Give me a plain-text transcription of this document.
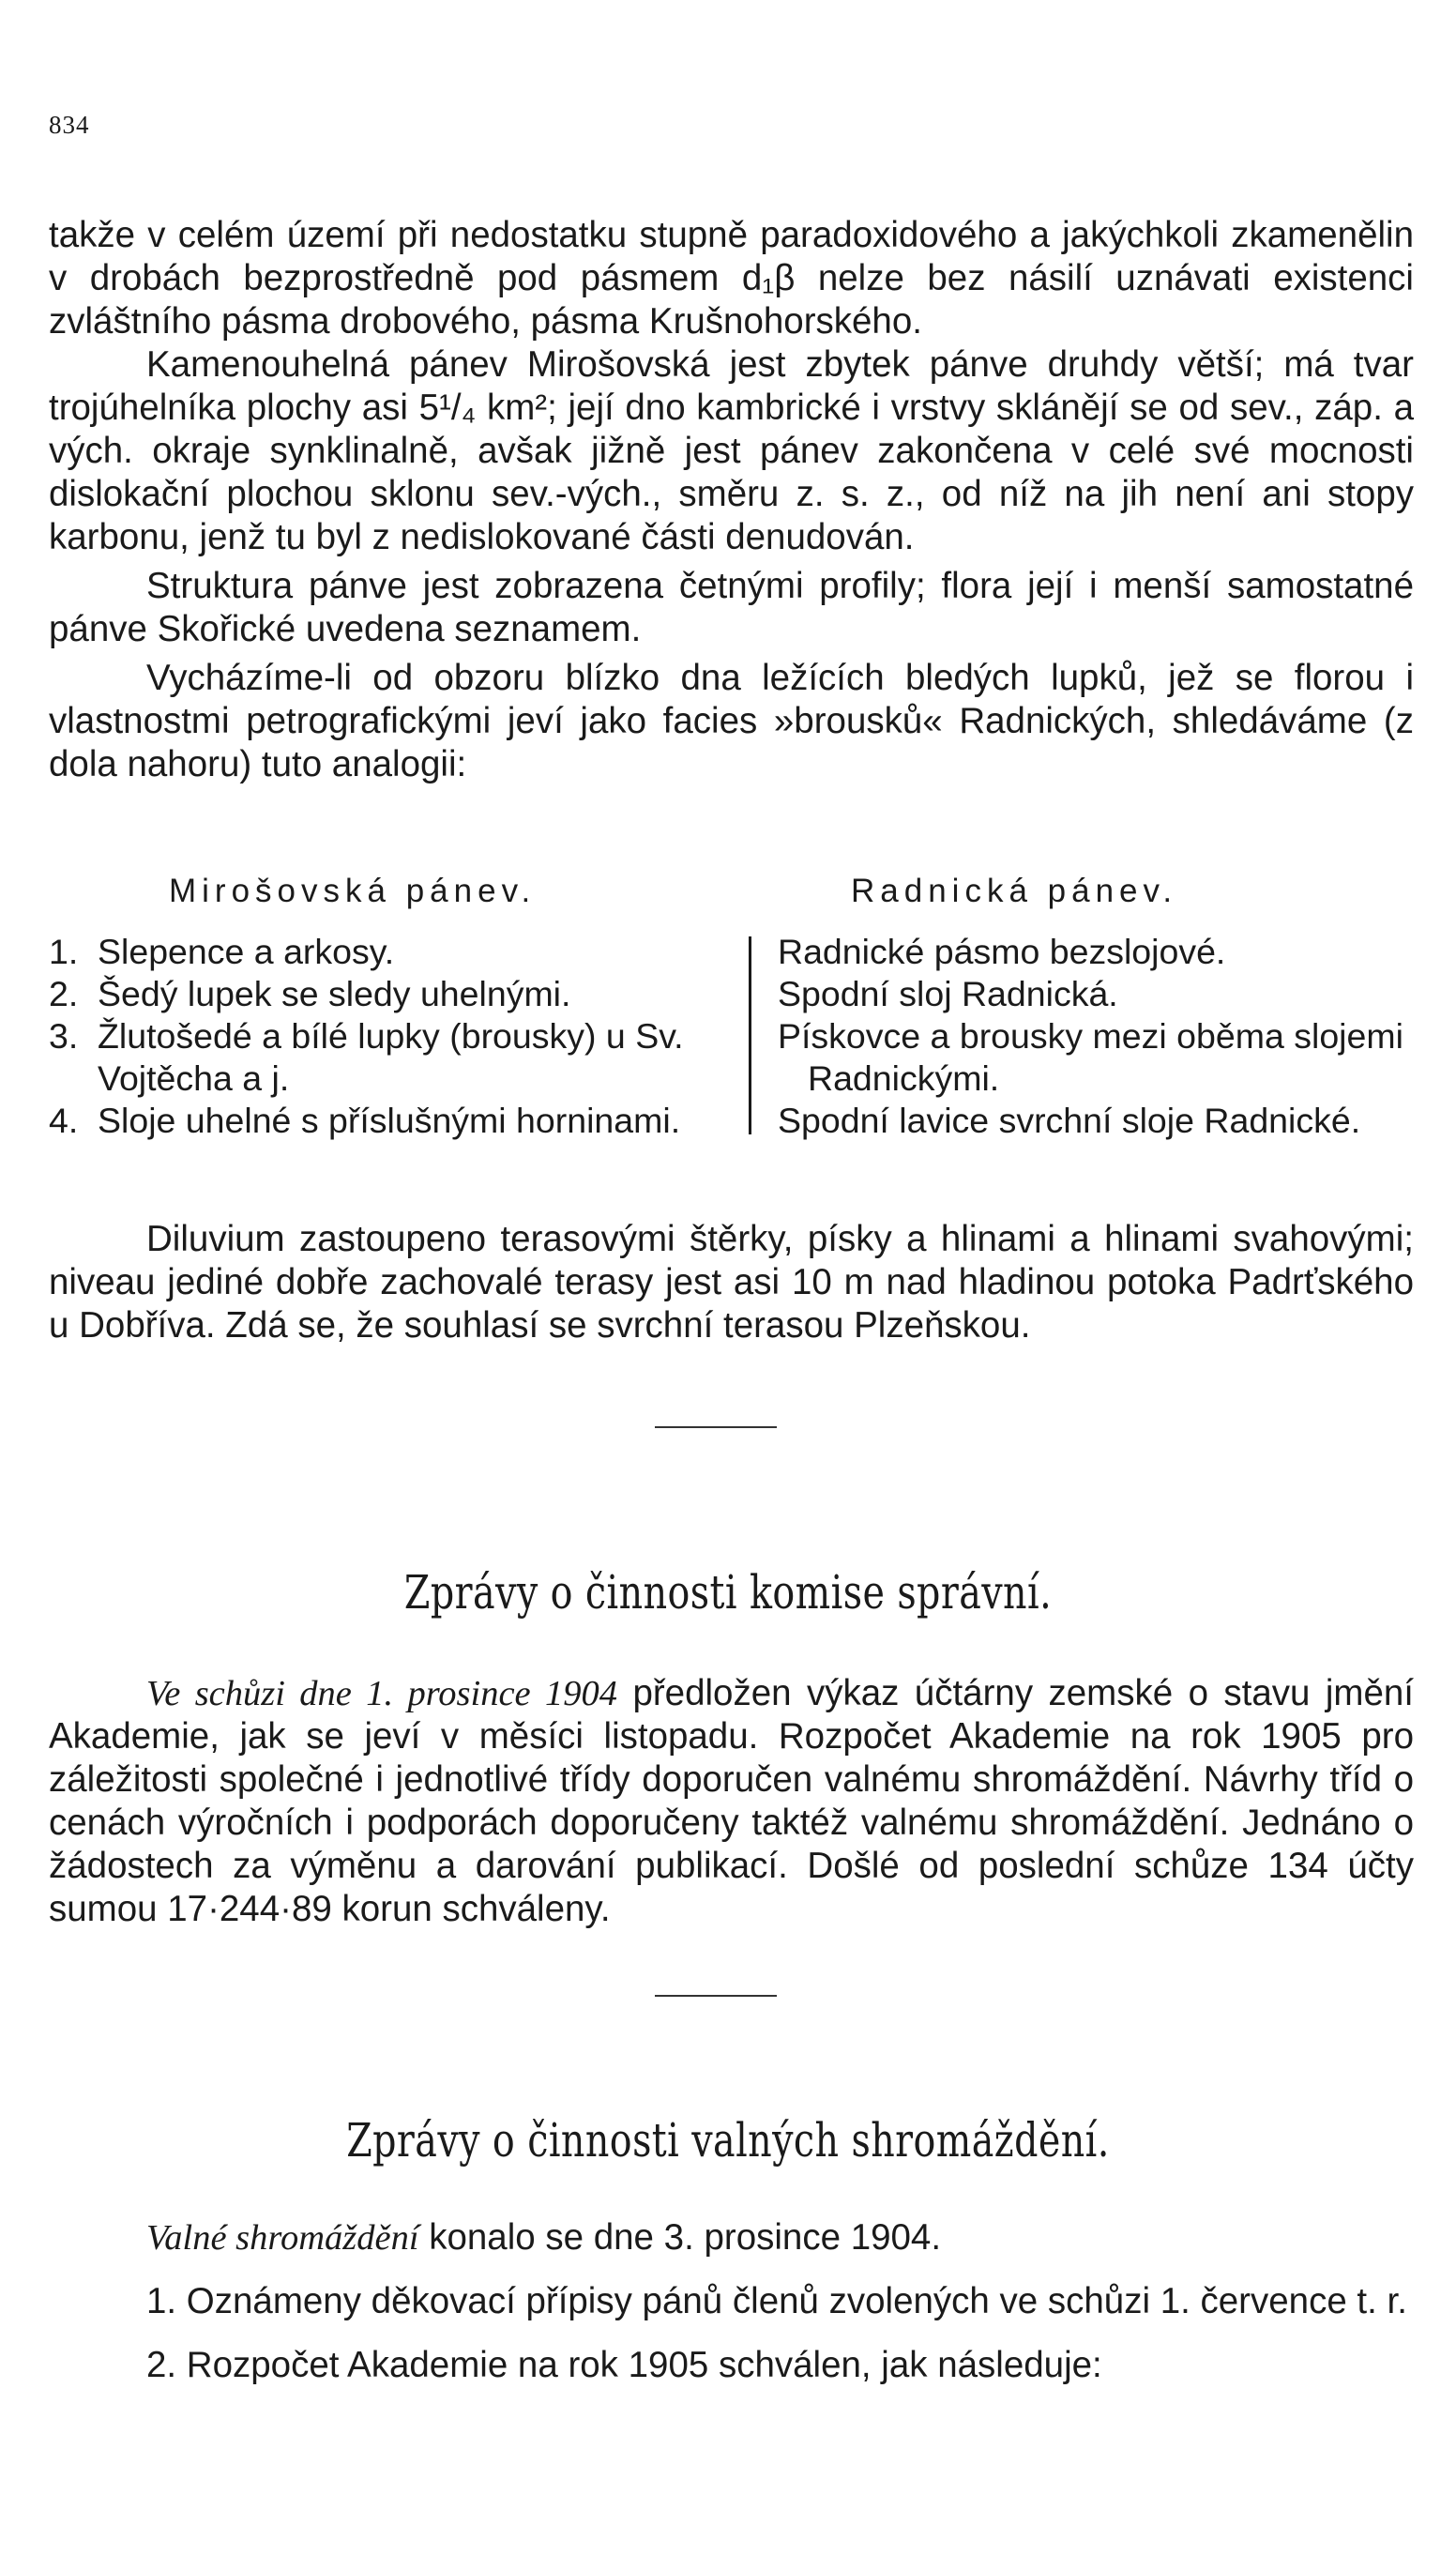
834

takže v celém území při nedostatku stupně paradoxidového a jakýchkoli zkamenělin v drobách bezprostředně pod pásmem d₁β nelze bez násilí uznávati existenci zvláštního pásma drobového, pásma Krušnohorského.

Kamenouhelná pánev Mirošovská jest zbytek pánve druhdy větší; má tvar trojúhelníka plochy asi 5¹/₄ km²; její dno kambrické i vrstvy sklánějí se od sev., záp. a vých. okraje synklinalně, avšak jižně jest pánev zakončena v celé své mocnosti dislokační plochou sklonu sev.-vých., směru z. s. z., od níž na jih není ani stopy karbonu, jenž tu byl z nedislokované části denudován.

Struktura pánve jest zobrazena četnými profily; flora její i menší samostatné pánve Skořické uvedena seznamem.

Vycházíme-li od obzoru blízko dna ležících bledých lupků, jež se florou i vlastnostmi petrografickými jeví jako facies »brousků« Radnických, shledáváme (z dola nahoru) tuto analogii:

Mirošovská pánev.	Radnická pánev.
1. Slepence a arkosy.
2. Šedý lupek se sledy uhelnými.
3. Žlutošedé a bílé lupky (brousky) u Sv. Vojtěcha a j.
4. Sloje uhelné s příslušnými horninami.
Radnické pásmo bezslojové.
Spodní sloj Radnická.
Pískovce a brousky mezi oběma slojemi Radnickými.
Spodní lavice svrchní sloje Radnické.

Diluvium zastoupeno terasovými štěrky, písky a hlinami a hlinami svahovými; niveau jediné dobře zachovalé terasy jest asi 10 m nad hladinou potoka Padrťského u Dobříva. Zdá se, že souhlasí se svrchní terasou Plzeňskou.

Zprávy o činnosti komise správní.

Ve schůzi dne 1. prosince 1904 předložen výkaz účtárny zemské o stavu jmění Akademie, jak se jeví v měsíci listopadu. Rozpočet Akademie na rok 1905 pro záležitosti společné i jednotlivé třídy doporučen valnému shromáždění. Návrhy tříd o cenách výročních i podporách doporučeny taktéž valnému shromáždění. Jednáno o žádostech za výměnu a darování publikací. Došlé od poslední schůze 134 účty sumou 17·244·89 korun schváleny.

Zprávy o činnosti valných shromáždění.

Valné shromáždění konalo se dne 3. prosince 1904.

1. Oznámeny děkovací přípisy pánů členů zvolených ve schůzi 1. července t. r.

2. Rozpočet Akademie na rok 1905 schválen, jak následuje:
